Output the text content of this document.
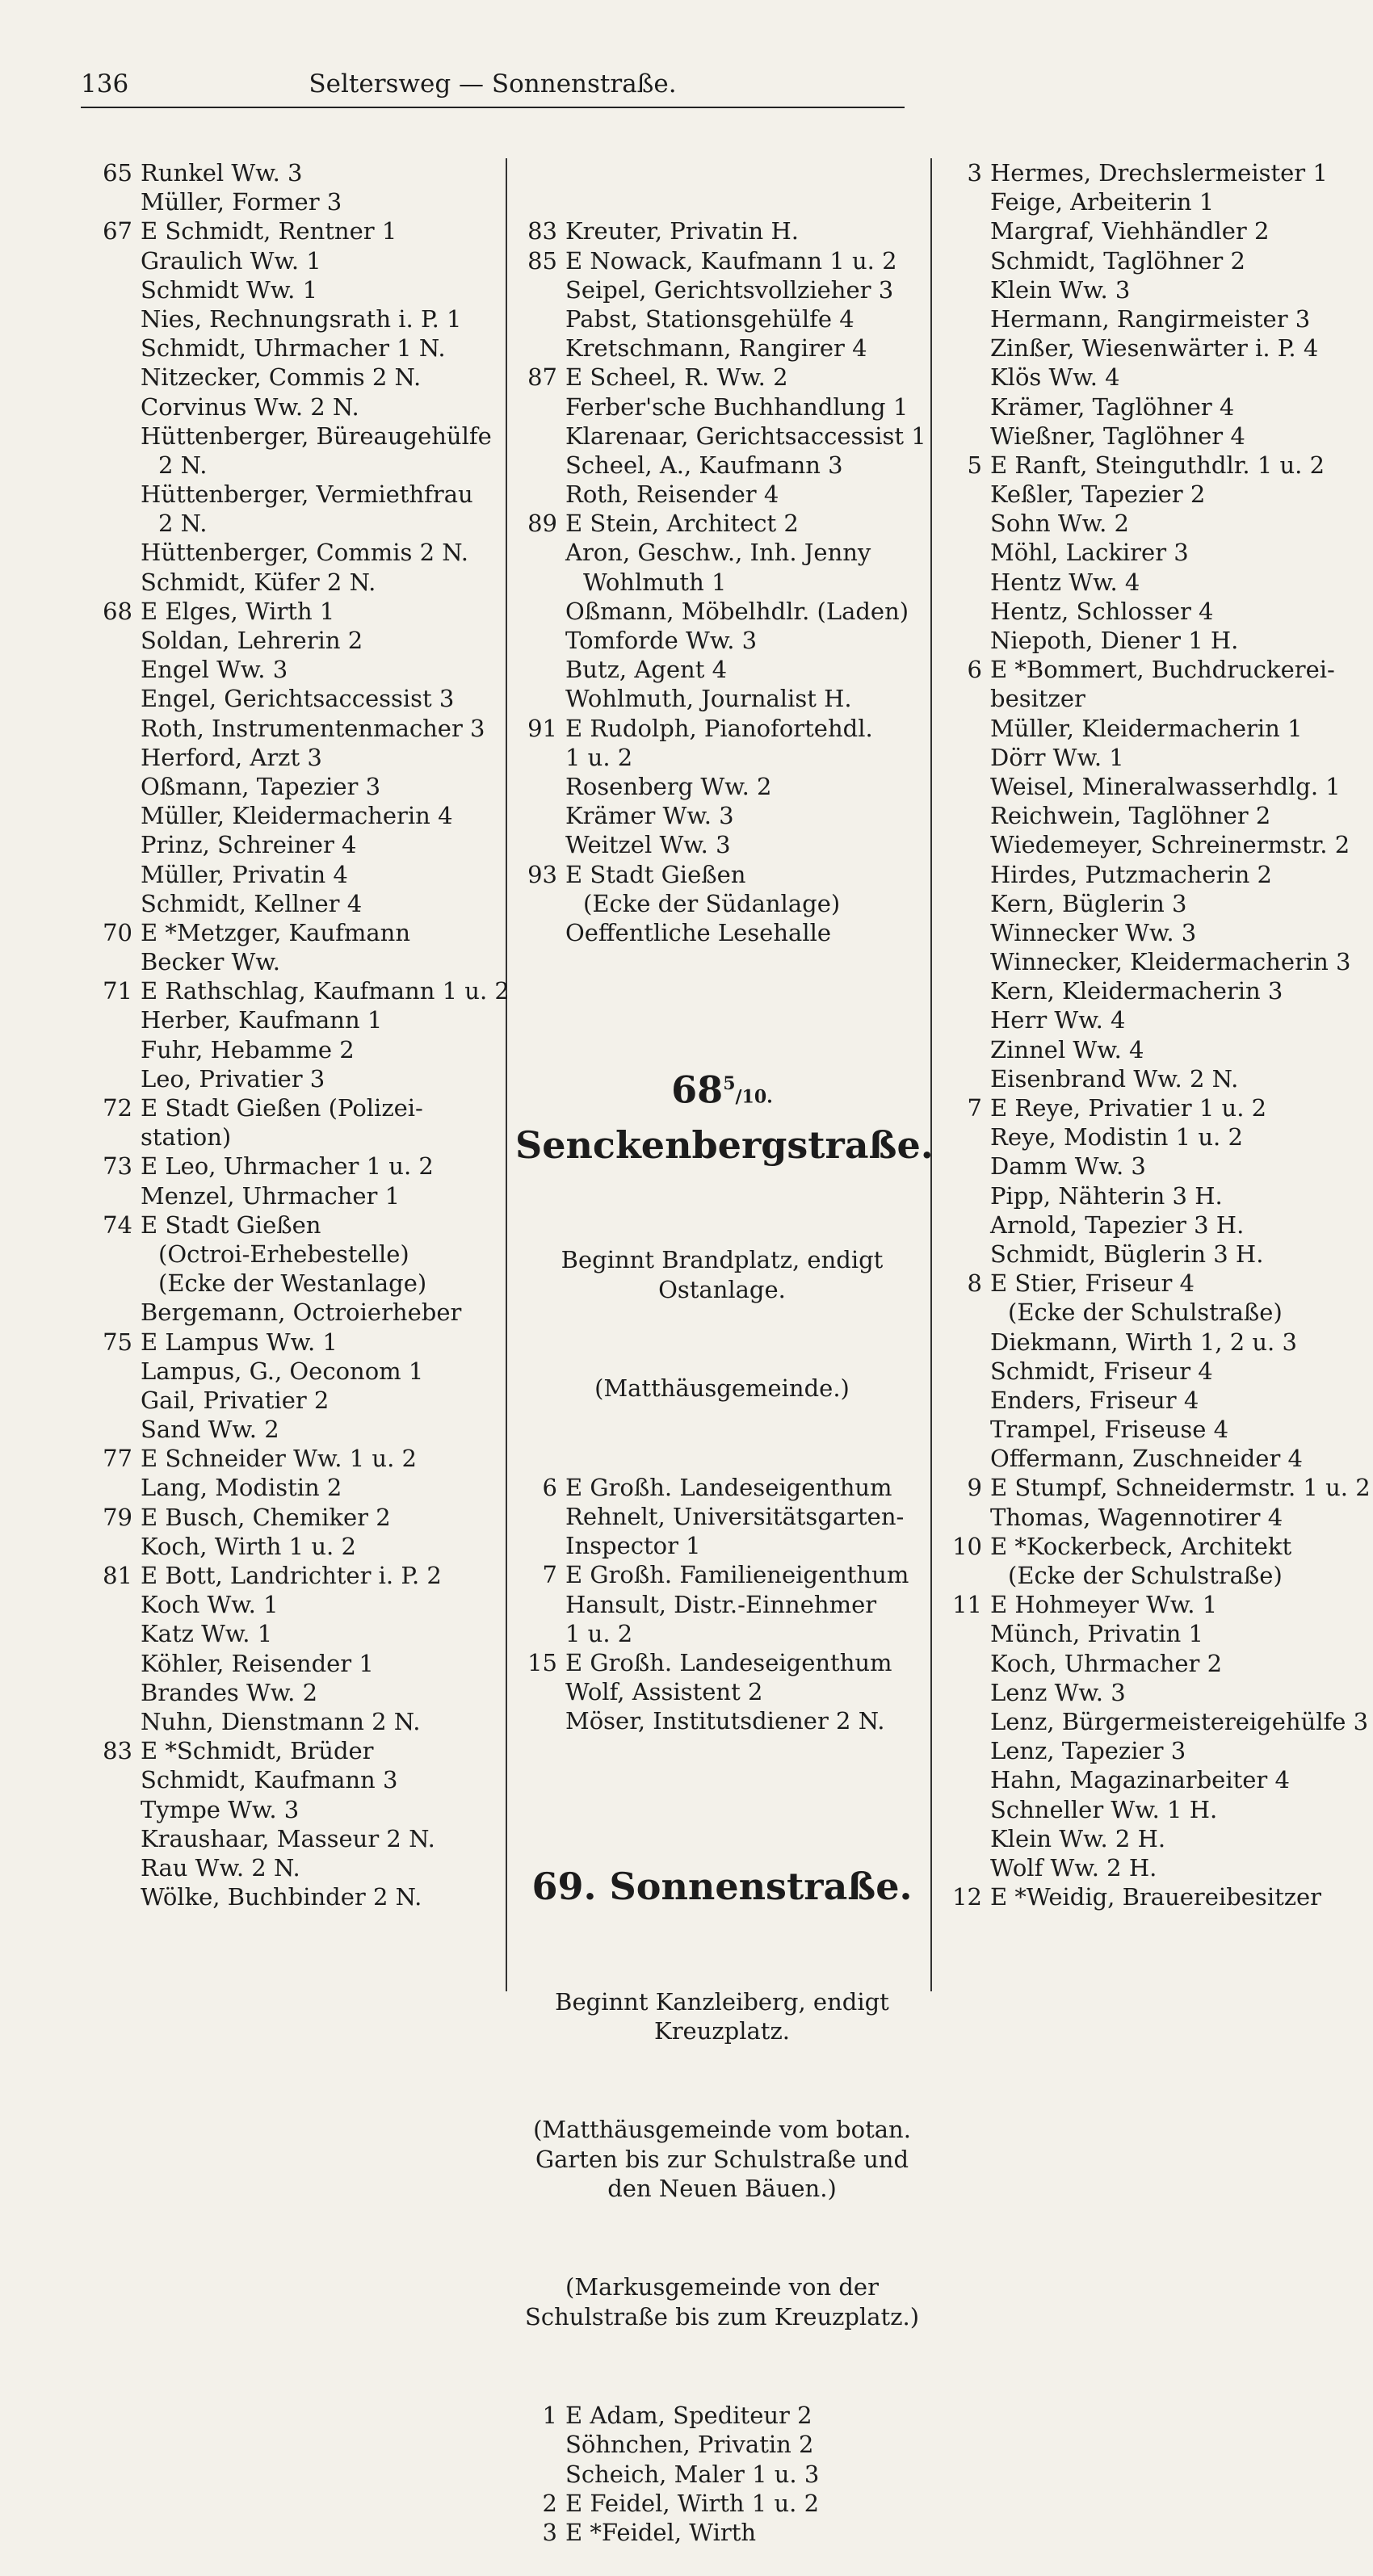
136	Seltersweg — Sonnenstraße.
65 Runkel Ww. 3
Müller, Former 3
67 E Schmidt, Rentner 1
Graulich Ww. 1
Schmidt Ww. 1
Nies, Rechnungsrath i. P. 1
Schmidt, Uhrmacher 1 N.
Nitzecker, Commis 2 N.
Corvinus Ww. 2 N.
Hüttenberger, Büreaugehülfe
2 N.
Hüttenberger, Vermiethfrau
2 N.
Hüttenberger, Commis 2 N.
Schmidt, Küfer 2 N.
68 E Elges, Wirth 1
Soldan, Lehrerin 2
Engel Ww. 3
Engel, Gerichtsaccessist 3
Roth, Instrumentenmacher 3
Herford, Arzt 3
Oßmann, Tapezier 3
Müller, Kleidermacherin 4
Prinz, Schreiner 4
Müller, Privatin 4
Schmidt, Kellner 4
70 E *Metzger, Kaufmann
Becker Ww.
71 E Rathschlag, Kaufmann 1 u. 2
Herber, Kaufmann 1
Fuhr, Hebamme 2
Leo, Privatier 3
72 E Stadt Gießen (Polizei-
station)
73 E Leo, Uhrmacher 1 u. 2
Menzel, Uhrmacher 1
74 E Stadt Gießen
(Octroi-Erhebestelle)
(Ecke der Westanlage)
Bergemann, Octroierheber
75 E Lampus Ww. 1
Lampus, G., Oeconom 1
Gail, Privatier 2
Sand Ww. 2
77 E Schneider Ww. 1 u. 2
Lang, Modistin 2
79 E Busch, Chemiker 2
Koch, Wirth 1 u. 2
81 E Bott, Landrichter i. P. 2
Koch Ww. 1
Katz Ww. 1
Köhler, Reisender 1
Brandes Ww. 2
Nuhn, Dienstmann 2 N.
83 E *Schmidt, Brüder
Schmidt, Kaufmann 3
Tympe Ww. 3
Kraushaar, Masseur 2 N.
Rau Ww. 2 N.
Wölke, Buchbinder 2 N.

83 Kreuter, Privatin H.
85 E Nowack, Kaufmann 1 u. 2
Seipel, Gerichtsvollzieher 3
Pabst, Stationsgehülfe 4
Kretschmann, Rangirer 4
87 E Scheel, R. Ww. 2
Ferber'sche Buchhandlung 1
Klarenaar, Gerichtsaccessist 1
Scheel, A., Kaufmann 3
Roth, Reisender 4
89 E Stein, Architect 2
Aron, Geschw., Inh. Jenny
Wohlmuth 1
Oßmann, Möbelhdlr. (Laden)
Tomforde Ww. 3
Butz, Agent 4
Wohlmuth, Journalist H.
91 E Rudolph, Pianofortehdl.
1 u. 2
Rosenberg Ww. 2
Krämer Ww. 3
Weitzel Ww. 3
93 E Stadt Gießen
(Ecke der Südanlage)
Oeffentliche Lesehalle

$68^5/10$. Senckenbergstraße.

Beginnt Brandplatz, endigt Ostanlage.

(Matthäusgemeinde.)

6 E Großh. Landeseigenthum
Rehnelt, Universitätsgarten-
Inspector 1
7 E Großh. Familieneigenthum
Hansult, Distr.-Einnehmer
1 u. 2
15 E Großh. Landeseigenthum
Wolf, Assistent 2
Möser, Institutsdiener 2 N.

69. Sonnenstraße.

Beginnt Kanzleiberg, endigt Kreuzplatz.

(Matthäusgemeinde vom botan. Garten bis zur Schulstraße und den Neuen Bäuen.)

(Markusgemeinde von der Schulstraße bis zum Kreuzplatz.)

1 E Adam, Spediteur 2
Söhnchen, Privatin 2
Scheich, Maler 1 u. 3
2 E Feidel, Wirth 1 u. 2
3 E *Feidel, Wirth

3 Hermes, Drechslermeister 1
Feige, Arbeiterin 1
Margraf, Viehhändler 2
Schmidt, Taglöhner 2
Klein Ww. 3
Hermann, Rangirmeister 3
Zinßer, Wiesenwärter i. P. 4
Klös Ww. 4
Krämer, Taglöhner 4
Wießner, Taglöhner 4
5 E Ranft, Steinguthdlr. 1 u. 2
Keßler, Tapezier 2
Sohn Ww. 2
Möhl, Lackirer 3
Hentz Ww. 4
Hentz, Schlosser 4
Niepoth, Diener 1 H.
6 E *Bommert, Buchdruckerei-
besitzer
Müller, Kleidermacherin 1
Dörr Ww. 1
Weisel, Mineralwasserhdlg. 1
Reichwein, Taglöhner 2
Wiedemeyer, Schreinermstr. 2
Hirdes, Putzmacherin 2
Kern, Büglerin 3
Winnecker Ww. 3
Winnecker, Kleidermacherin 3
Kern, Kleidermacherin 3
Herr Ww. 4
Zinnel Ww. 4
Eisenbrand Ww. 2 N.
7 E Reye, Privatier 1 u. 2
Reye, Modistin 1 u. 2
Damm Ww. 3
Pipp, Nähterin 3 H.
Arnold, Tapezier 3 H.
Schmidt, Büglerin 3 H.
8 E Stier, Friseur 4
(Ecke der Schulstraße)
Diekmann, Wirth 1, 2 u. 3
Schmidt, Friseur 4
Enders, Friseur 4
Trampel, Friseuse 4
Offermann, Zuschneider 4
9 E Stumpf, Schneidermstr. 1 u. 2
Thomas, Wagennotirer 4
10 E *Kockerbeck, Architekt
(Ecke der Schulstraße)
11 E Hohmeyer Ww. 1
Münch, Privatin 1
Koch, Uhrmacher 2
Lenz Ww. 3
Lenz, Bürgermeistereigehülfe 3
Lenz, Tapezier 3
Hahn, Magazinarbeiter 4
Schneller Ww. 1 H.
Klein Ww. 2 H.
Wolf Ww. 2 H.
12 E *Weidig, Brauereibesitzer
